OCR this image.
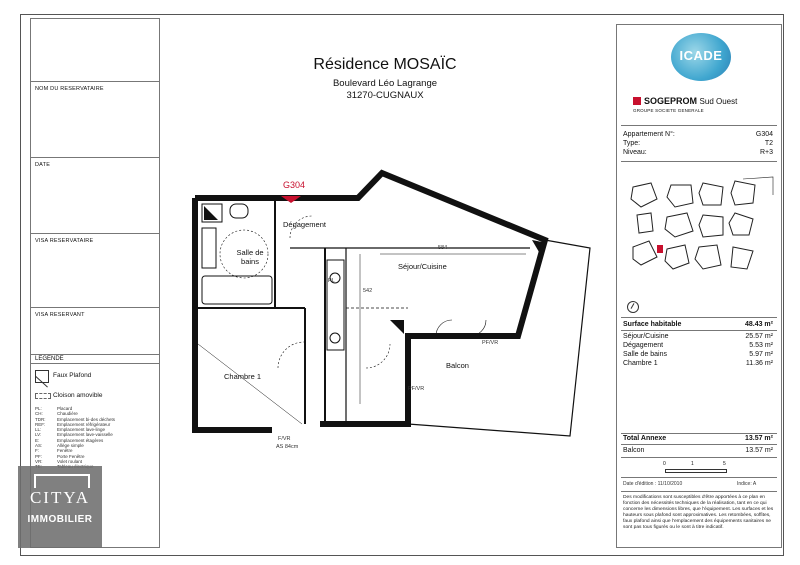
NOM DU RESERVATAIRE
DATE
VISA RESERVATAIRE
VISA RESERVANT
LEGENDE
Faux Plafond
Cloison amovible
PL:	Placard
CH:	Chaudière
TDR:	Emplacement bi-des déchets
REF:	Emplacement réfrigérateur
LL:	Emplacement lave-linge
LV:	Emplacement lave-vaisselle
E:	Emplacement étagères
AS:	Allège simple
F:	Fenêtre
PF:	Porte Fenêtre
VR:	Volet roulant
CITYA
IMMOBILIER
Résidence MOSAÏC
Boulevard Léo Lagrange
31270-CUGNAUX
G304
Dégagement
Salle de bains
Séjour/Cuisine
Chambre 1
Balcon
584
542
PL
PF/VR
PF/VR
F/VR
AS 84cm
ICADE
SOGEPROM Sud Ouest
GROUPE SOCIETE GENERALE
Appartement N°:	G304
Type:	T2
Niveau:	R+3
Surface habitable	48.43 m²
Séjour/Cuisine	25.57 m²
Dégagement	5.53 m²
Salle de bains	5.97 m²
Chambre 1	11.36 m²
Total Annexe	13.57 m²
Balcon	13.57 m²
0	1	5
Date d'édition : 11/10/2010	Indice: A
Des modifications sont susceptibles d'être apportées à ce plan en fonction des nécessités techniques de la réalisation, tant en ce qui concerne les dimensions libres, que l'équipement. Les surfaces et les hauteurs sous plafond sont approximatives. Les retombées, soffites, faux plafond ainsi que l'emplacement des équipements sanitaires ne sont pas tous figurés ou le sont à titre indicatif.
